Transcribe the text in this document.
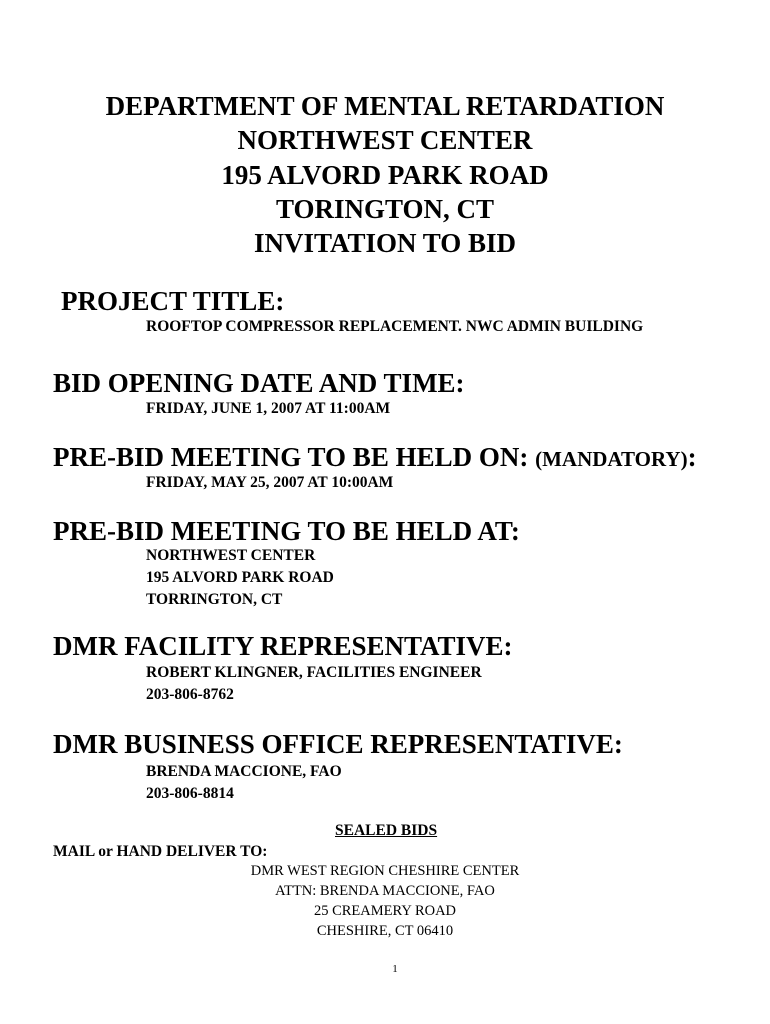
DEPARTMENT OF MENTAL RETARDATION
NORTHWEST CENTER
195 ALVORD PARK ROAD
TORINGTON, CT
INVITATION TO BID
PROJECT TITLE:
ROOFTOP COMPRESSOR REPLACEMENT. NWC ADMIN BUILDING
BID OPENING DATE AND TIME:
FRIDAY, JUNE 1, 2007 AT 11:00AM
PRE-BID MEETING TO BE HELD ON: (MANDATORY):
FRIDAY, MAY 25, 2007 AT 10:00AM
PRE-BID MEETING TO BE HELD AT:
NORTHWEST CENTER
195 ALVORD PARK ROAD
TORRINGTON, CT
DMR FACILITY REPRESENTATIVE:
ROBERT KLINGNER, FACILITIES ENGINEER
203-806-8762
DMR BUSINESS OFFICE REPRESENTATIVE:
BRENDA MACCIONE, FAO
203-806-8814
SEALED BIDS
MAIL or HAND DELIVER TO:
DMR WEST REGION CHESHIRE CENTER
ATTN: BRENDA MACCIONE, FAO
25 CREAMERY ROAD
CHESHIRE, CT 06410
1
